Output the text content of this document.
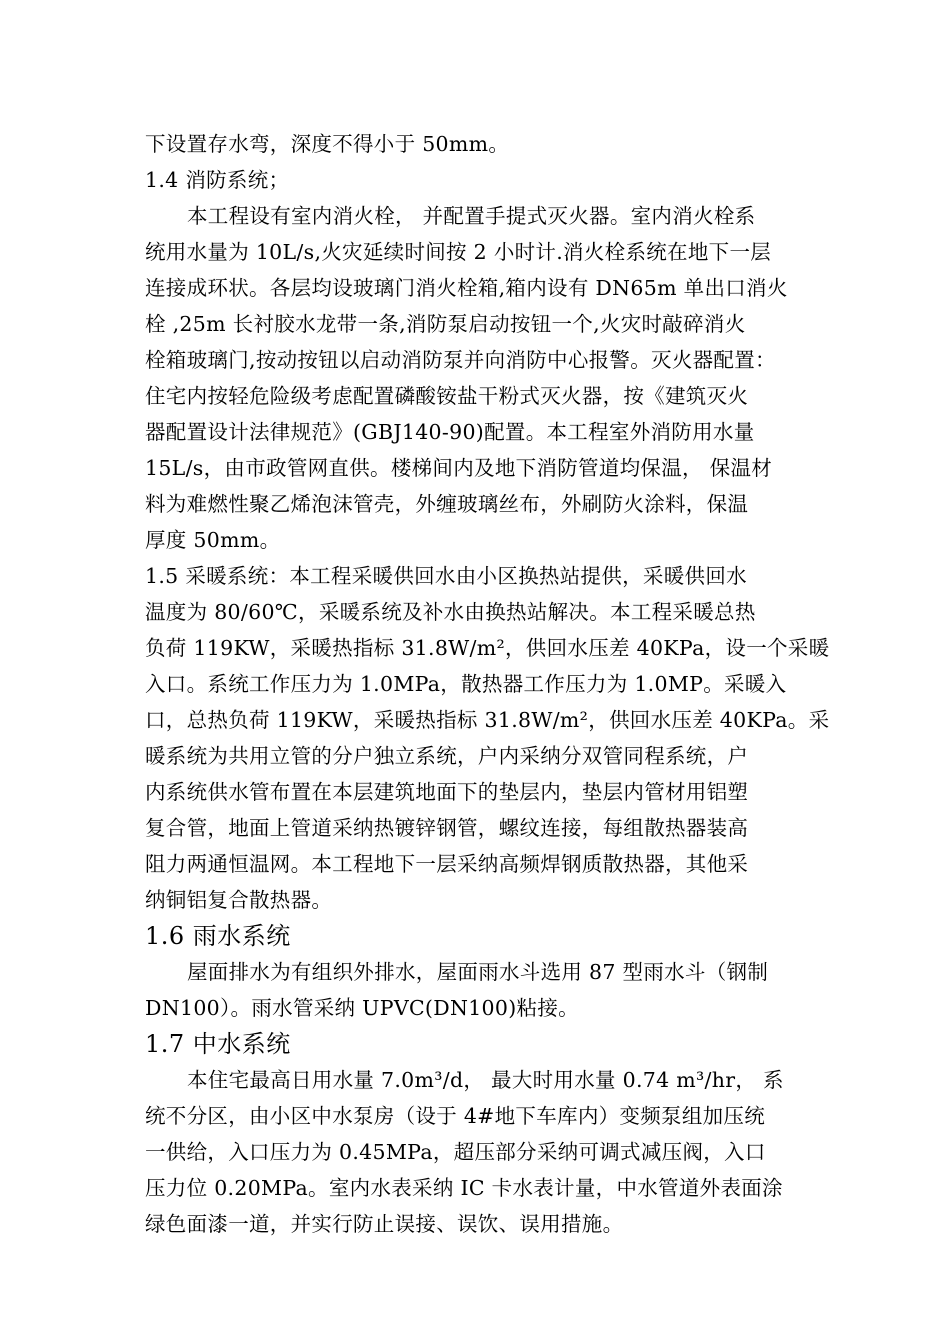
下设置存水弯，深度不得小于 50mm。
1.4 消防系统；
本工程设有室内消火栓， 并配置手提式灭火器。室内消火栓系
统用水量为 10L/s,火灾延续时间按 2 小时计.消火栓系统在地下一层
连接成环状。各层均设玻璃门消火栓箱,箱内设有 DN65m 单出口消火
栓 ,25m 长衬胶水龙带一条,消防泵启动按钮一个,火灾时敲碎消火
栓箱玻璃门,按动按钮以启动消防泵并向消防中心报警。灭火器配置：
住宅内按轻危险级考虑配置磷酸铵盐干粉式灭火器，按《建筑灭火
器配置设计法律规范》(GBJ140-90)配置。本工程室外消防用水量
15L/s，由市政管网直供。楼梯间内及地下消防管道均保温， 保温材
料为难燃性聚乙烯泡沫管壳，外缠玻璃丝布，外刷防火涂料，保温
厚度 50mm。
1.5 采暖系统：本工程采暖供回水由小区换热站提供，采暖供回水
温度为 80/60℃，采暖系统及补水由换热站解决。本工程采暖总热
负荷 119KW，采暖热指标 31.8W/m²，供回水压差 40KPa，设一个采暖
入口。系统工作压力为 1.0MPa，散热器工作压力为 1.0MP。采暖入
口，总热负荷 119KW，采暖热指标 31.8W/m²，供回水压差 40KPa。采
暖系统为共用立管的分户独立系统，户内采纳分双管同程系统，户
内系统供水管布置在本层建筑地面下的垫层内，垫层内管材用铝塑
复合管，地面上管道采纳热镀锌钢管，螺纹连接，每组散热器装高
阻力两通恒温网。本工程地下一层采纳高频焊钢质散热器，其他采
纳铜铝复合散热器。
1.6 雨水系统
屋面排水为有组织外排水，屋面雨水斗选用 87 型雨水斗（钢制
DN100）。雨水管采纳 UPVC(DN100)粘接。
1.7 中水系统
本住宅最高日用水量 7.0m³/d， 最大时用水量 0.74 m³/hr， 系
统不分区，由小区中水泵房（设于 4#地下车库内）变频泵组加压统
一供给，入口压力为 0.45MPa，超压部分采纳可调式减压阀，入口
压力位 0.20MPa。室内水表采纳 IC 卡水表计量，中水管道外表面涂
绿色面漆一道，并实行防止误接、误饮、误用措施。
